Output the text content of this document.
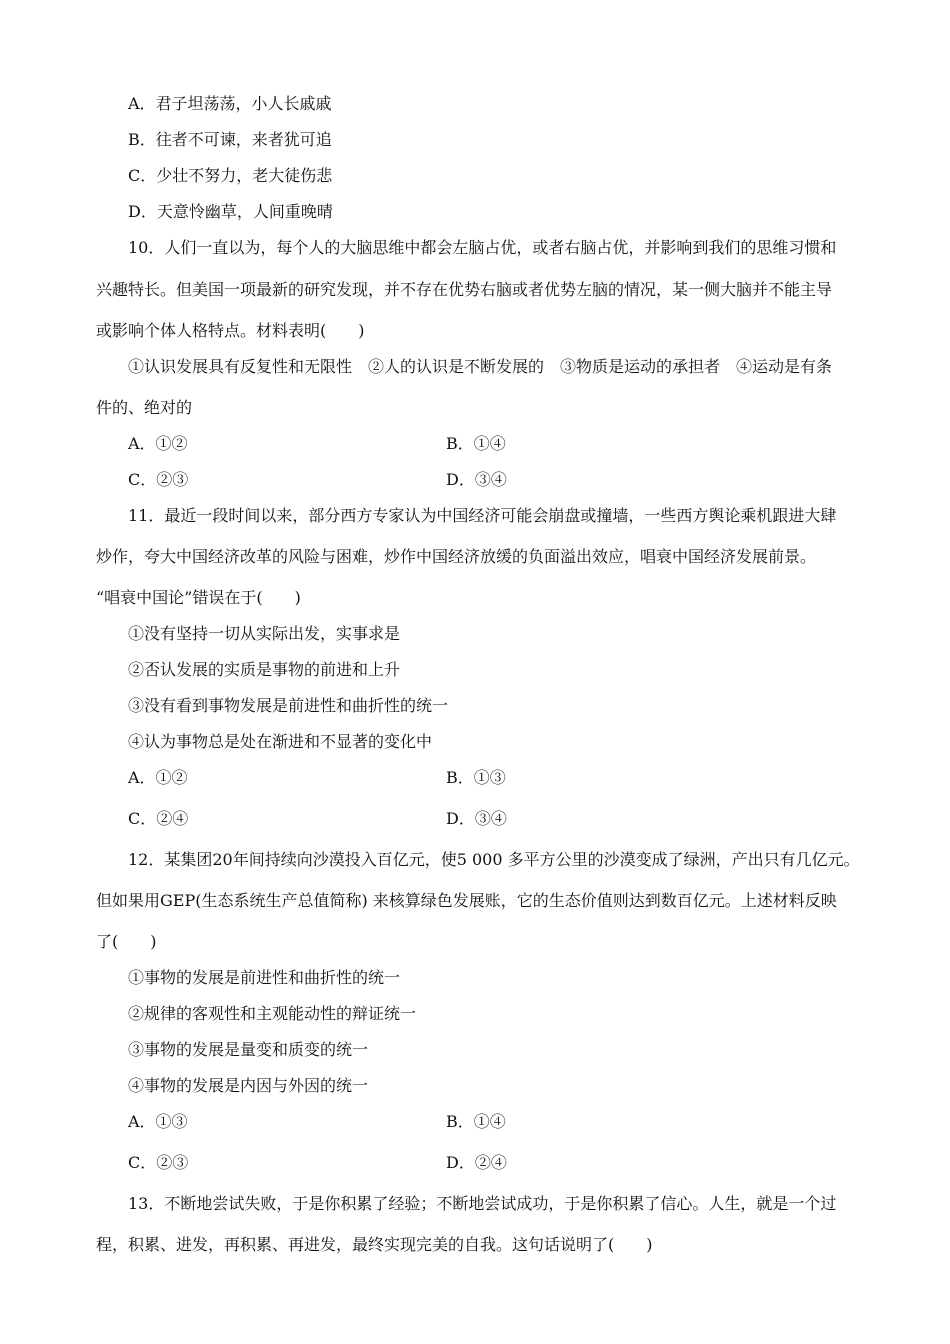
A．君子坦荡荡，小人长戚戚
B．往者不可谏，来者犹可追
C．少壮不努力，老大徒伤悲
D．天意怜幽草，人间重晚晴
10．人们一直以为，每个人的大脑思维中都会左脑占优，或者右脑占优，并影响到我们的思维习惯和
兴趣特长。但美国一项最新的研究发现，并不存在优势右脑或者优势左脑的情况，某一侧大脑并不能主导
或影响个体人格特点。材料表明(　　)
①认识发展具有反复性和无限性　②人的认识是不断发展的　③物质是运动的承担者　④运动是有条
件的、绝对的
A．①②	B．①④
C．②③	D．③④
11．最近一段时间以来，部分西方专家认为中国经济可能会崩盘或撞墙，一些西方舆论乘机跟进大肆
炒作，夸大中国经济改革的风险与困难，炒作中国经济放缓的负面溢出效应，唱衰中国经济发展前景。
“唱衰中国论”错误在于(　　)
①没有坚持一切从实际出发，实事求是
②否认发展的实质是事物的前进和上升
③没有看到事物发展是前进性和曲折性的统一
④认为事物总是处在渐进和不显著的变化中
A．①②	B．①③
C．②④	D．③④
12．某集团20年间持续向沙漠投入百亿元，使5 000 多平方公里的沙漠变成了绿洲，产出只有几亿元。
但如果用GEP(生态系统生产总值简称) 来核算绿色发展账，它的生态价值则达到数百亿元。上述材料反映
了(　　)
①事物的发展是前进性和曲折性的统一
②规律的客观性和主观能动性的辩证统一
③事物的发展是量变和质变的统一
④事物的发展是内因与外因的统一
A．①③	B．①④
C．②③	D．②④
13．不断地尝试失败，于是你积累了经验；不断地尝试成功，于是你积累了信心。人生，就是一个过
程，积累、进发，再积累、再进发，最终实现完美的自我。这句话说明了(　　)
